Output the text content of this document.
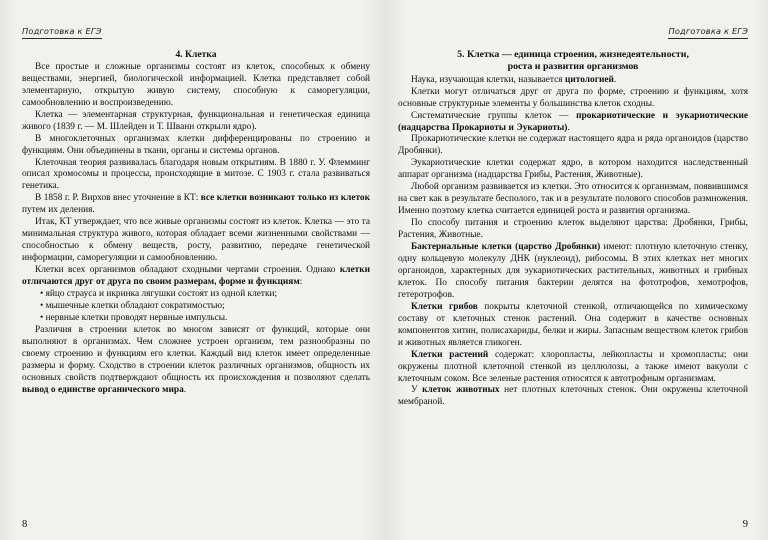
Подготовка к ЕГЭ
4. Клетка

Все простые и сложные организмы состоят из клеток, способных к обмену веществами, энергией, биологической информацией. Клетка представляет собой элементарную, открытую живую систему, способную к саморегуляции, самообновлению и воспроизведению.

Клетка — элементарная структурная, функциональная и генетическая единица живого (1839 г. — М. Шлейден и Т. Шванн открыли ядро).

В многоклеточных организмах клетки дифференцированы по строению и функциям. Они объединены в ткани, органы и системы органов.

Клеточная теория развивалась благодаря новым открытиям. В 1880 г. У. Флемминг описал хромосомы и процессы, происходящие в митозе. С 1903 г. стала развиваться генетика.

В 1858 г. Р. Вирхов внес уточнение в КТ: все клетки возникают только из клеток путем их деления.

Итак, КТ утверждает, что все живые организмы состоят из клеток. Клетка — это та минимальная структура живого, которая обладает всеми жизненными свойствами — способностью к обмену веществ, росту, развитию, передаче генетической информации, саморегуляции и самообновлению.

Клетки всех организмов обладают сходными чертами строения. Однако клетки отличаются друг от друга по своим размерам, форме и функциям:

• яйцо страуса и икринка лягушки состоят из одной клетки;

• мышечные клетки обладают сократимостью;

• нервные клетки проводят нервные импульсы.

Различия в строении клеток во многом зависят от функций, которые они выполняют в организмах. Чем сложнее устроен организм, тем разнообразны по своему строению и функциям его клетки. Каждый вид клеток имеет определенные размеры и форму. Сходство в строении клеток различных организмов, общность их основных свойств подтверждают общность их происхождения и позволяют сделать вывод о единстве органического мира.

8
Подготовка к ЕГЭ
5. Клетка — единица строения, жизнедеятельности,
роста и развития организмов

Наука, изучающая клетки, называется цитологией.

Клетки могут отличаться друг от друга по форме, строению и функциям, хотя основные структурные элементы у большинства клеток сходны.

Систематические группы клеток — прокариотические и эукариотические (надцарства Прокариоты и Эукариоты).

Прокариотические клетки не содержат настоящего ядра и ряда органоидов (царство Дробянки).

Эукариотические клетки содержат ядро, в котором находится наследственный аппарат организма (надцарства Грибы, Растения, Животные).

Любой организм развивается из клетки. Это относится к организмам, появившимся на свет как в результате бесполого, так и в результате полового способов размножения. Именно поэтому клетка считается единицей роста и развития организма.

По способу питания и строению клеток выделяют царства: Дробянки, Грибы, Растения, Животные.

Бактериальные клетки (царство Дробянки) имеют: плотную клеточную стенку, одну кольцевую молекулу ДНК (нуклеоид), рибосомы. В этих клетках нет многих органоидов, характерных для эукариотических растительных, животных и грибных клеток. По способу питания бактерии делятся на фототрофов, хемотрофов, гетеротрофов.

Клетки грибов покрыты клеточной стенкой, отличающейся по химическому составу от клеточных стенок растений. Она содержит в качестве основных компонентов хитин, полисахариды, белки и жиры. Запасным веществом клеток грибов и животных является гликоген.

Клетки растений содержат: хлоропласты, лейкопласты и хромопласты; они окружены плотной клеточной стенкой из целлюлозы, а также имеют вакуоли с клеточным соком. Все зеленые растения относятся к автотрофным организмам.

У клеток животных нет плотных клеточных стенок. Они окружены клеточной мембраной.

9
